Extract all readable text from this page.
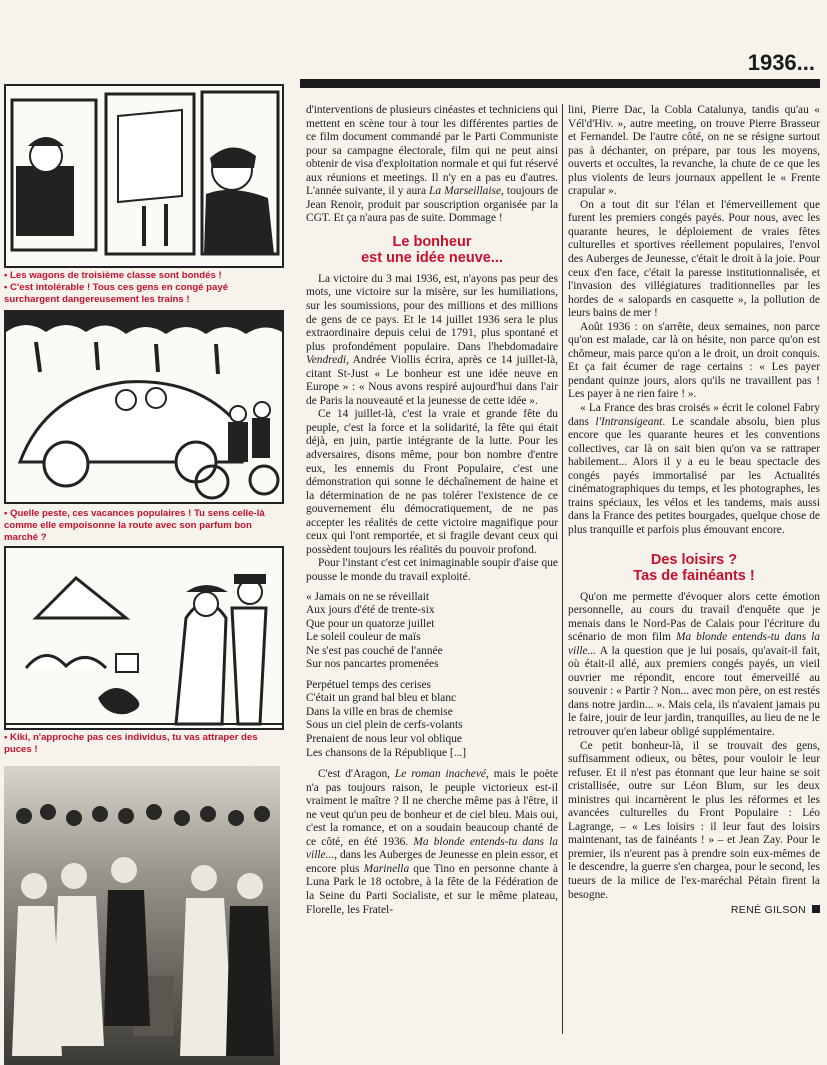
1936...

• Les wagons de troisième classe sont bondés !

• C'est intolérable ! Tous ces gens en congé payé surchargent dangereusement les trains !

• Quelle peste, ces vacances populaires ! Tu sens celle-là comme elle empoisonne la route avec son parfum bon marché ?

• Kiki, n'approche pas ces individus, tu vas attraper des puces !

d'interventions de plusieurs cinéastes et techniciens qui mettent en scène tour à tour les différentes parties de ce film document commandé par le Parti Communiste pour sa campagne électorale, film qui ne peut ainsi obtenir de visa d'exploitation normale et qui fut réservé aux réunions et meetings. Il n'y en a pas eu d'autres. L'année suivante, il y aura La Marseillaise, toujours de Jean Renoir, produit par souscription organisée par la CGT. Et ça n'aura pas de suite. Dommage !

Le bonheur
est une idée neuve...

La victoire du 3 mai 1936, est, n'ayons pas peur des mots, une victoire sur la misère, sur les humiliations, sur les soumissions, pour des millions et des millions de gens de ce pays. Et le 14 juillet 1936 sera le plus extraordinaire depuis celui de 1791, plus spontané et plus profondément populaire. Dans l'hebdomadaire Vendredi, Andrée Viollis écrira, après ce 14 juillet-là, citant St-Just « Le bonheur est une idée neuve en Europe » : « Nous avons respiré aujourd'hui dans l'air de Paris la nouveauté et la jeunesse de cette idée ».

Ce 14 juillet-là, c'est la vraie et grande fête du peuple, c'est la force et la solidarité, la fête qui était déjà, en juin, partie intégrante de la lutte. Pour les adversaires, disons même, pour bon nombre d'entre eux, les ennemis du Front Populaire, c'est une démonstration qui sonne le déchaînement de haine et la détermination de ne pas tolérer l'existence de ce gouvernement élu démocratiquement, de ne pas accepter les réalités de cette victoire magnifique pour ceux qui l'ont remportée, et si fragile devant ceux qui possèdent toujours les réalités du pouvoir profond.

Pour l'instant c'est cet inimaginable soupir d'aise que pousse le monde du travail exploité.

« Jamais on ne se réveillait
Aux jours d'été de trente-six
Que pour un quatorze juillet
Le soleil couleur de maïs
Ne s'est pas couché de l'année
Sur nos pancartes promenées
Perpétuel temps des cerises
C'était un grand bal bleu et blanc
Dans la ville en bras de chemise
Sous un ciel plein de cerfs-volants
Prenaient de nous leur vol oblique
Les chansons de la République [...]

C'est d'Aragon, Le roman inachevé, mais le poète n'a pas toujours raison, le peuple victorieux est-il vraiment le maître ? Il ne cherche même pas à l'être, il ne veut qu'un peu de bonheur et de ciel bleu. Mais oui, c'est la romance, et on a soudain beaucoup chanté de ce côté, en été 1936. Ma blonde entends-tu dans la ville..., dans les Auberges de Jeunesse en plein essor, et encore plus Marinella que Tino en personne chante à Luna Park le 18 octobre, à la fête de la Fédération de la Seine du Parti Socialiste, et sur le même plateau, Florelle, les Fratel-

lini, Pierre Dac, la Cobla Catalunya, tandis qu'au « Vél'd'Hiv. », autre meeting, on trouve Pierre Brasseur et Fernandel. De l'autre côté, on ne se résigne surtout pas à déchanter, on prépare, par tous les moyens, ouverts et occultes, la revanche, la chute de ce que les plus violents de leurs journaux appellent le « Frente crapular ».

On a tout dit sur l'élan et l'émerveillement que furent les premiers congés payés. Pour nous, avec les quarante heures, le déploiement de vraies fêtes culturelles et sportives réellement populaires, l'envol des Auberges de Jeunesse, c'était le droit à la joie. Pour ceux d'en face, c'était la paresse institutionnalisée, et l'invasion des villégiatures traditionnelles par les hordes de « salopards en casquette », la pollution de leurs bains de mer !

Août 1936 : on s'arrête, deux semaines, non parce qu'on est malade, car là on hésite, non parce qu'on est chômeur, mais parce qu'on a le droit, un droit conquis. Et ça fait écumer de rage certains : « Les payer pendant quinze jours, alors qu'ils ne travaillent pas ! Les payer à ne rien faire ! ».

« La France des bras croisés » écrit le colonel Fabry dans l'Intransigeant. Le scandale absolu, bien plus encore que les quarante heures et les conventions collectives, car là on sait bien qu'on va se rattraper habilement... Alors il y a eu le beau spectacle des congés payés immortalisé par les Actualités cinématographiques du temps, et les photographes, les trains spéciaux, les vélos et les tandems, mais aussi dans la France des petites bourgades, quelque chose de plus tranquille et parfois plus émouvant encore.

Des loisirs ?
Tas de fainéants !

Qu'on me permette d'évoquer alors cette émotion personnelle, au cours du travail d'enquête que je menais dans le Nord-Pas de Calais pour l'écriture du scénario de mon film Ma blonde entends-tu dans la ville... A la question que je lui posais, qu'avait-il fait, où était-il allé, aux premiers congés payés, un vieil ouvrier me répondit, encore tout émerveillé au souvenir : « Partir ? Non... avec mon père, on est restés dans notre jardin... ». Mais cela, ils n'avaient jamais pu le faire, jouir de leur jardin, tranquilles, au lieu de ne le retrouver qu'en labeur obligé supplémentaire.

Ce petit bonheur-là, il se trouvait des gens, suffisamment odieux, ou bêtes, pour vouloir le leur refuser. Et il n'est pas étonnant que leur haine se soit cristallisée, outre sur Léon Blum, sur les deux ministres qui incarnèrent le plus les réformes et les avancées culturelles du Front Populaire : Léo Lagrange, – « Les loisirs : il leur faut des loisirs maintenant, tas de fainéants ! » – et Jean Zay. Pour le premier, ils n'eurent pas à prendre soin eux-mêmes de le descendre, la guerre s'en chargea, pour le second, les tueurs de la milice de l'ex-maréchal Pétain firent la besogne.

RENÉ GILSON
